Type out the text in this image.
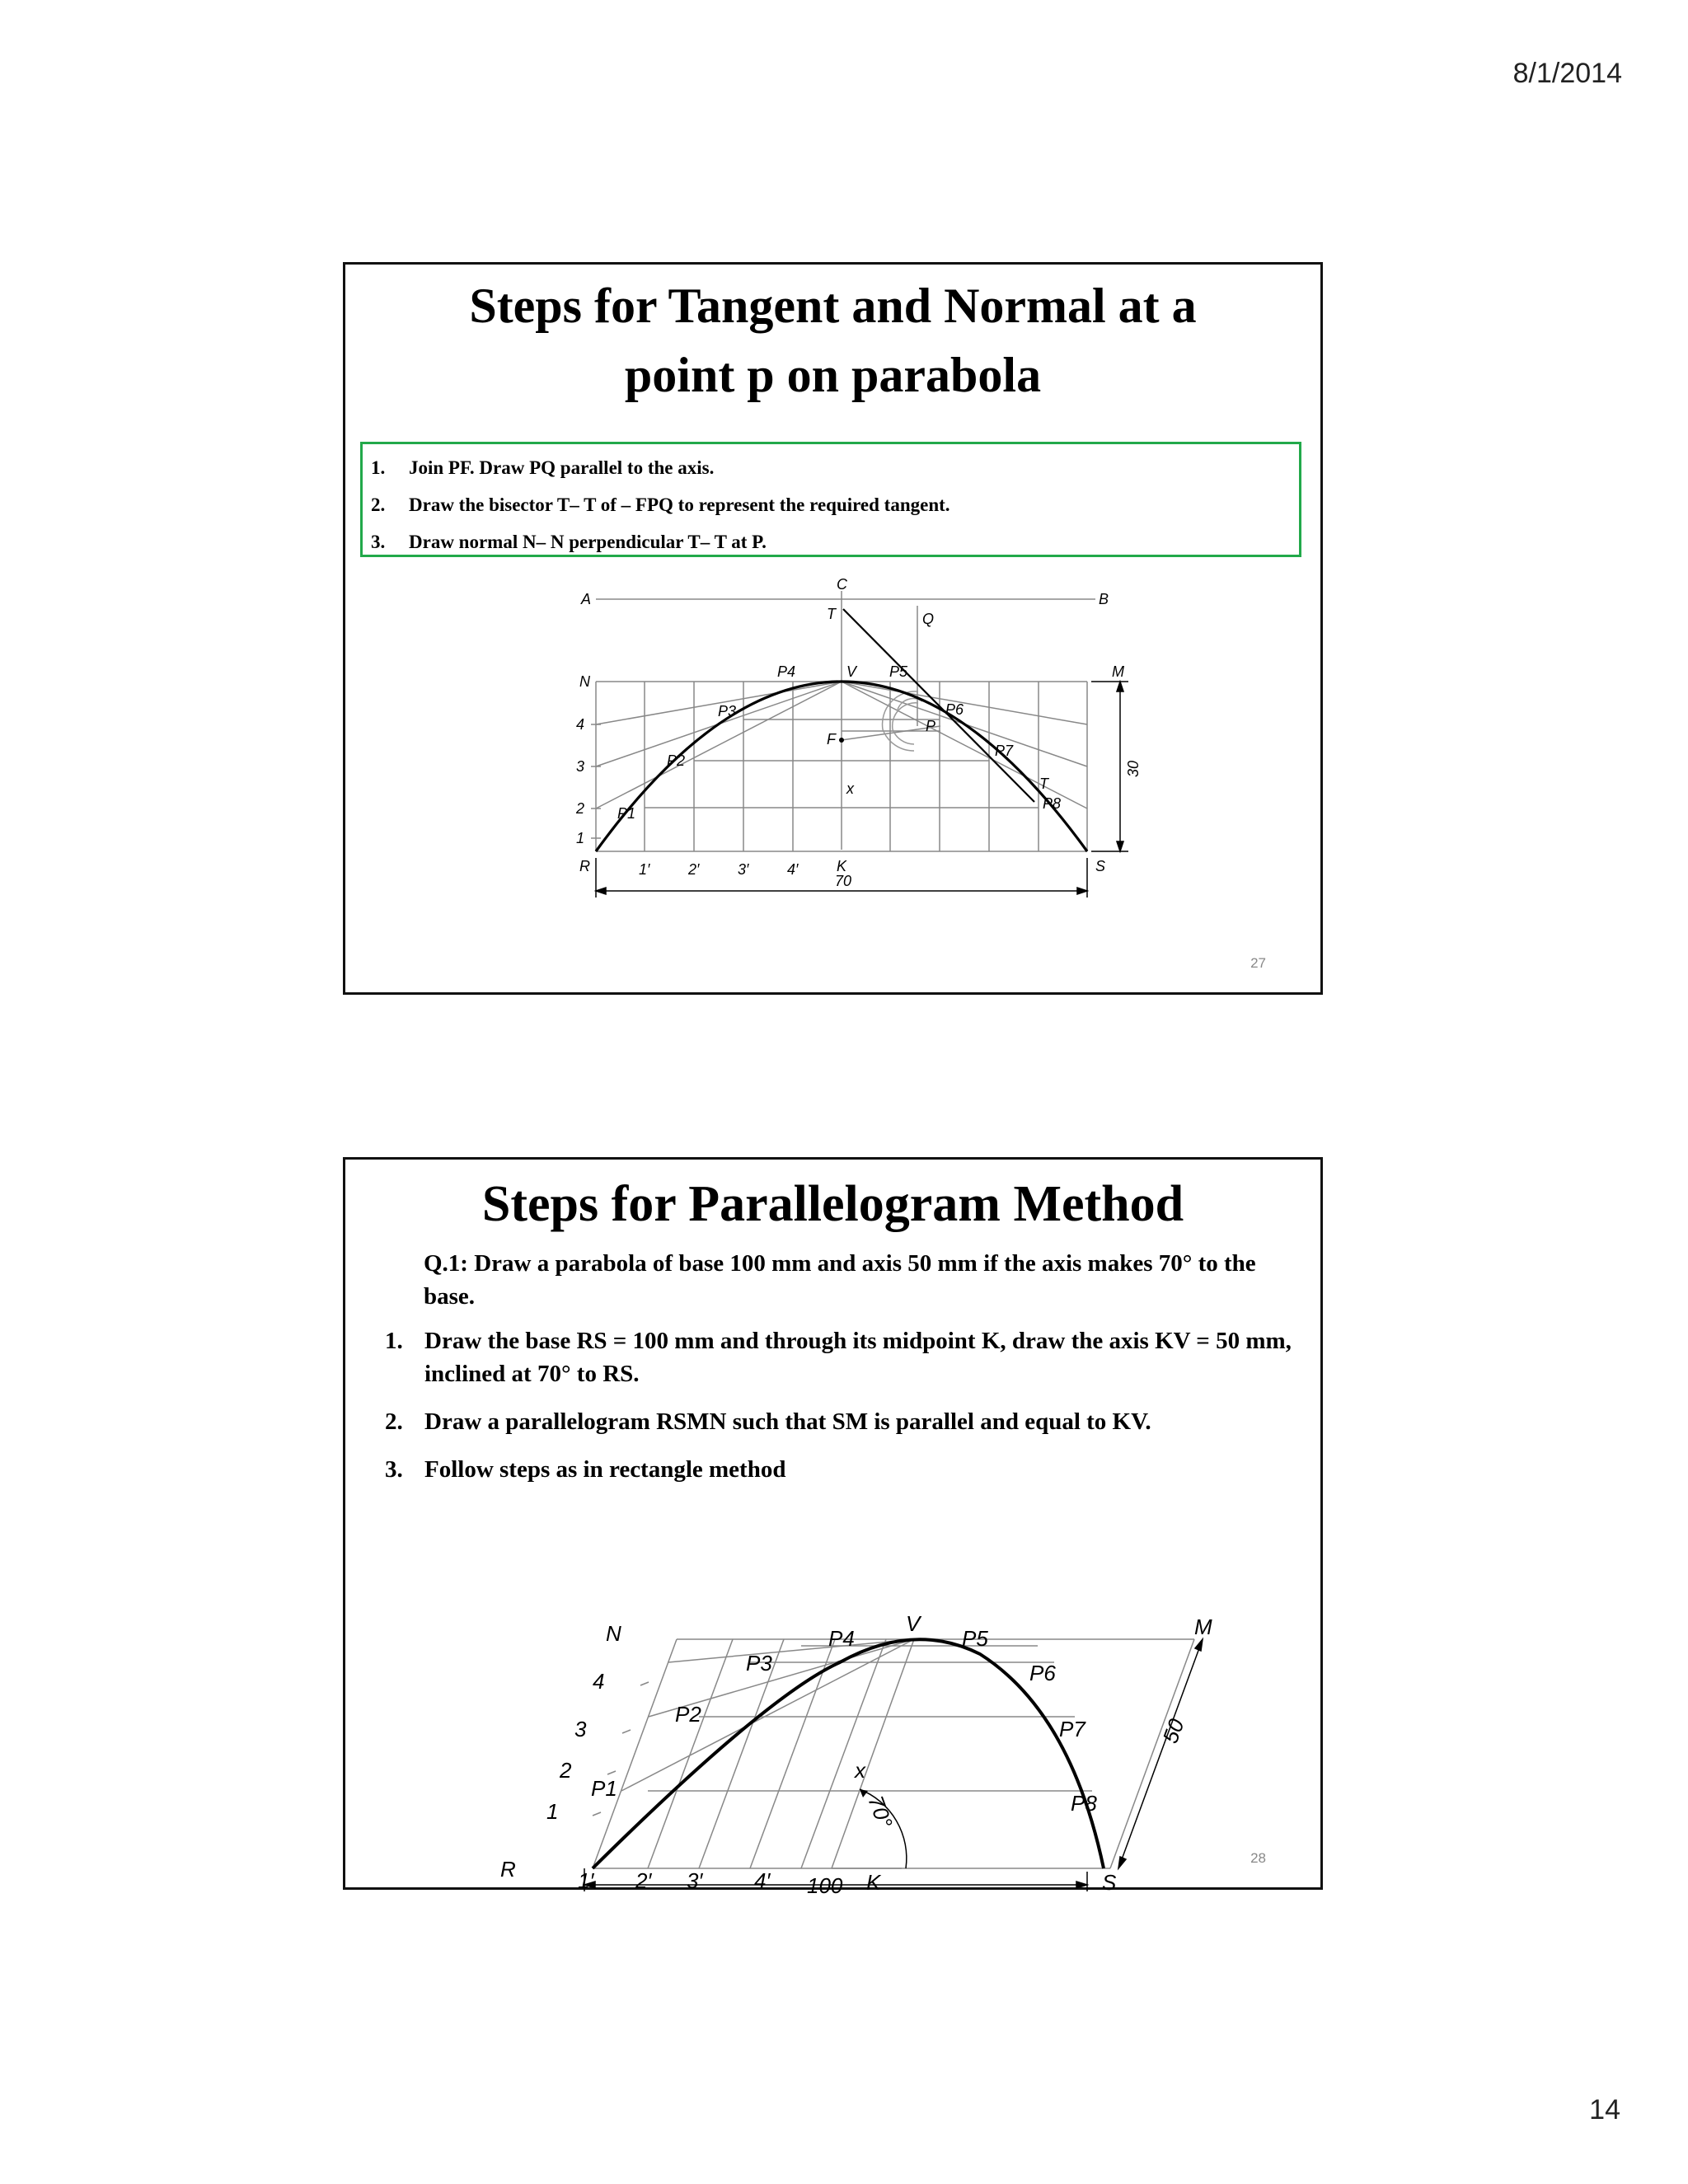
8/1/2014
Steps for Tangent and Normal at a
point p on parabola
1.	Join PF. Draw PQ parallel to the axis.
2.	Draw the bisector T– T of – FPQ to represent the required tangent.
3.	Draw normal N– N perpendicular T– T at P.
A	B
C
T	Q
N
M
V
F
x
K
R	S
P
T
4
3
2
1
1′	2′	3′	4′
P1
P2
P3
P4	P5
P6
P7
P8
70
30
27
Steps for Parallelogram Method
Q.1: Draw a parabola of base 100 mm and axis 50 mm if the axis makes 70° to the base.
1. Draw the base RS = 100 mm and through its midpoint K, draw the axis KV = 50 mm, inclined at 70° to RS.
2. Draw a parallelogram RSMN such that SM is parallel and equal to KV.
3. Follow steps as in rectangle method
N	M
V
R
S
K
x
70°
4
3
2
1
1′ 2′ 3′ 4′
P1
P2
P3
P4	P5
P6
P7
P8
100
50
28
14
